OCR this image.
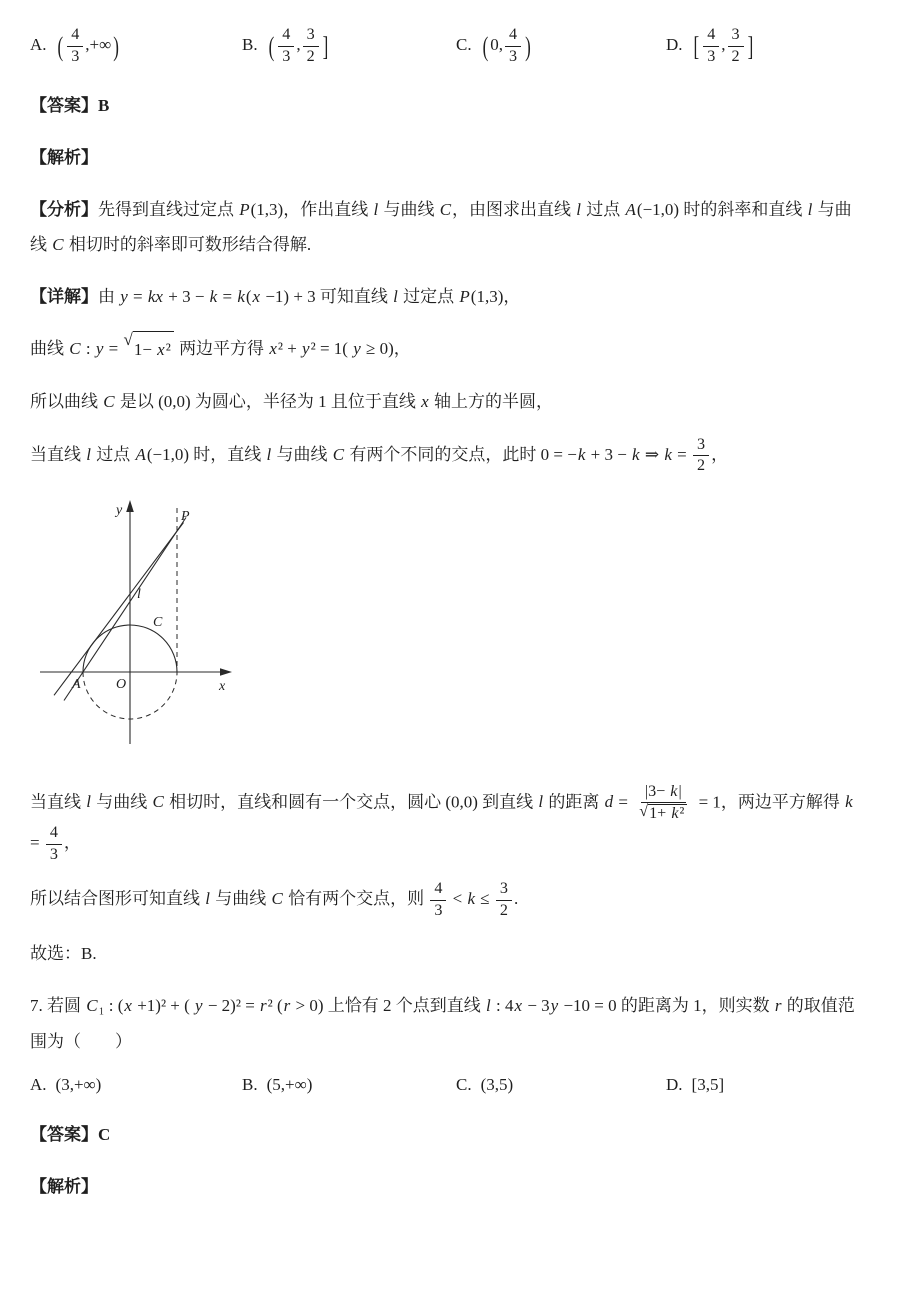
A. ( $\frac{4}{3}$ ,+∞ )	B. ( $\frac{4}{3}$ , $\frac{3}{2}$ ]	C. ( 0, $\frac{4}{3}$ )	D. [ $\frac{4}{3}$ , $\frac{3}{2}$ ]

【答案】B

【解析】

【分析】先得到直线过定点 P(1,3)，作出直线 l 与曲线 C，由图求出直线 l 过点 A(−1,0) 时的斜率和直线 l 与曲线 C 相切时的斜率即可数形结合得解.

【详解】由 y = kx + 3 − k = k(x −1) + 3 可知直线 l 过定点 P(1,3)，

曲线 C : y = √
1− x² 两边平方得 x² + y² = 1( y ≥ 0)，

所以曲线 C 是以 (0,0) 为圆心，半径为 1 且位于直线 x 轴上方的半圆，

当直线 l 过点 A(−1,0) 时，直线 l 与曲线 C 有两个不同的交点，此时 0 = −k + 3 − k ⇒ $k = \frac{3}{2}$ ，

y
x
P
l
C
A	O

当直线 l 与曲线 C 相切时，直线和圆有一个交点，圆心 (0,0) 到直线 l 的距离 $d = \frac{|3- k|}{\text{√ 1+ k²}} = 1$，两边平方解得 $k = \frac{4}{3}$ ，

所以结合图形可知直线 l 与曲线 C 恰有两个交点，则 $\frac{4}{3} < k \le \frac{3}{2}$ .

故选：B.

7. 若圆 C₁ : (x +1)² + ( y − 2)² = r² (r > 0) 上恰有 2 个点到直线 l : 4x − 3y −10 = 0 的距离为 1，则实数 r 的取值范围为（　　）

A. (3,+∞)	B. (5,+∞)	C. (3,5)	D. [3,5]

【答案】C

【解析】
